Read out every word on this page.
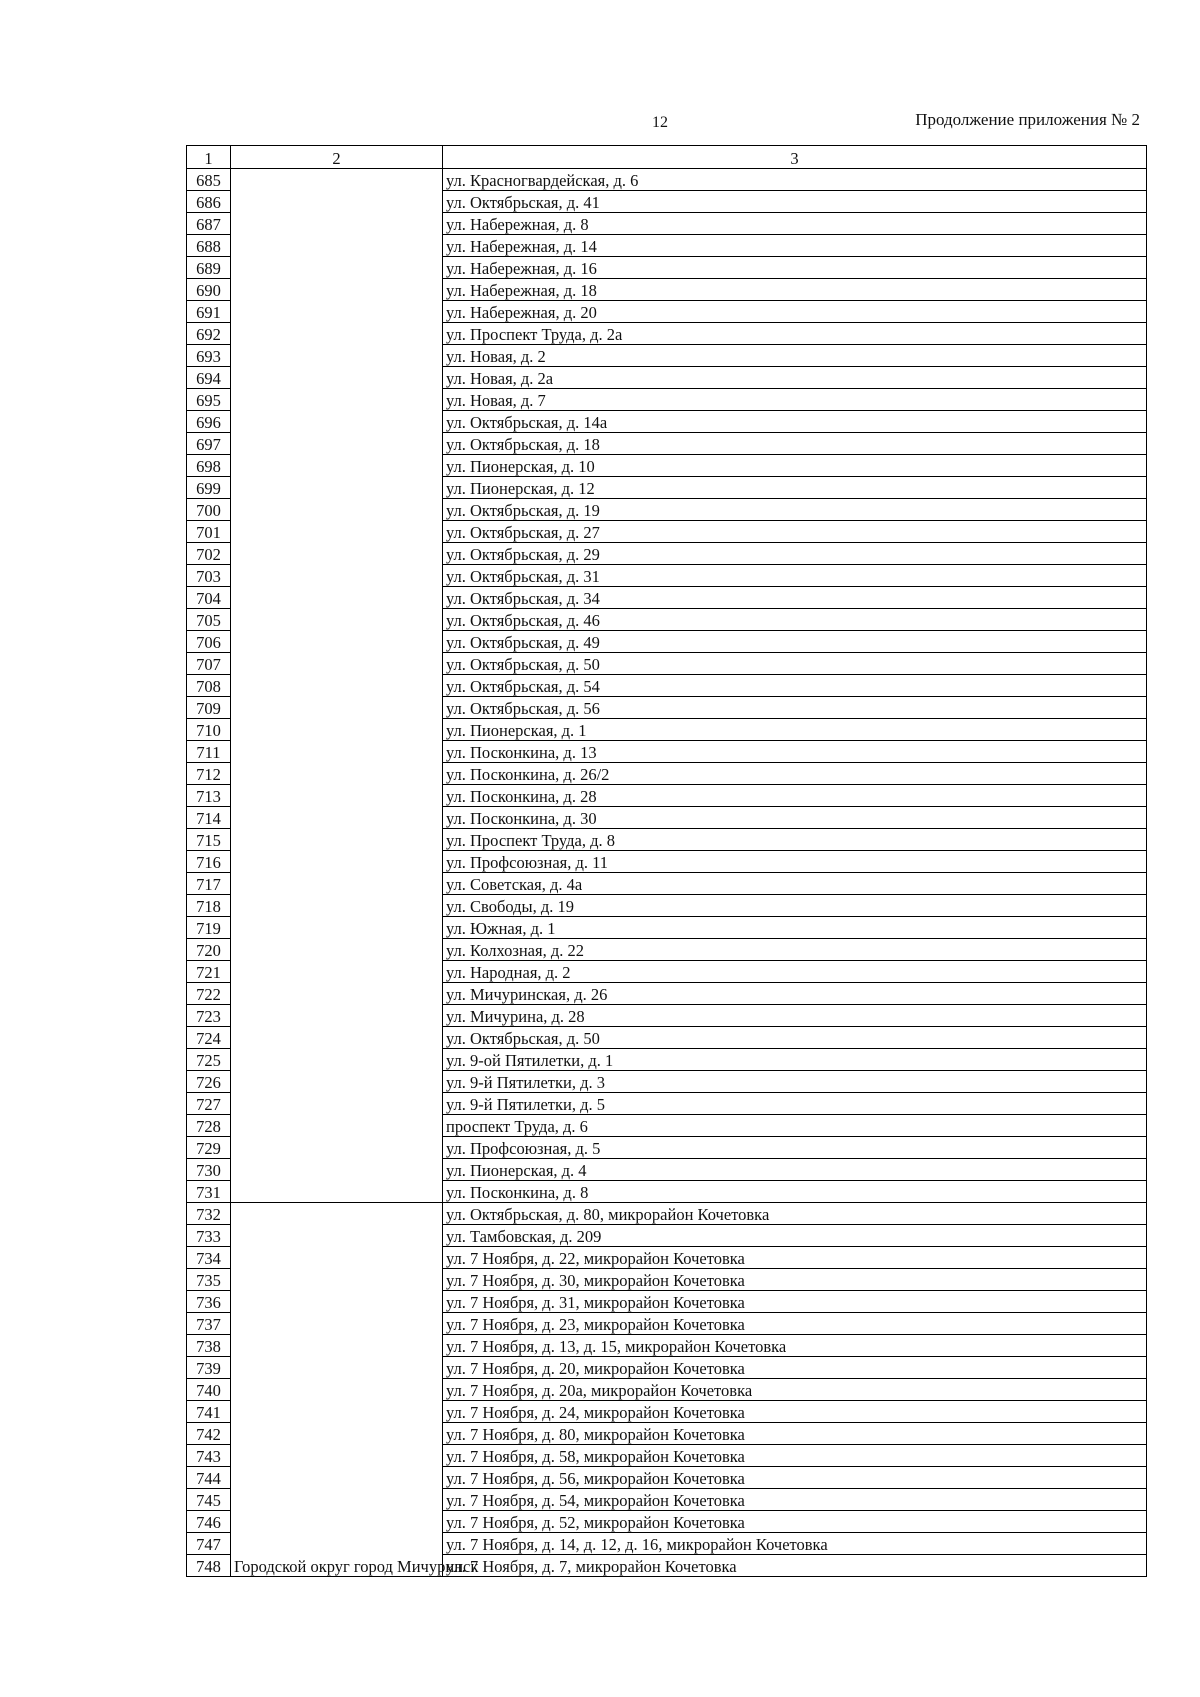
12	Продолжение приложения № 2
1	2	3
685		ул. Красногвардейская, д. 6
686		ул. Октябрьская, д. 41
687		ул. Набережная, д. 8
688		ул. Набережная, д. 14
689		ул. Набережная, д. 16
690		ул. Набережная, д. 18
691		ул. Набережная, д. 20
692		ул. Проспект Труда, д. 2а
693		ул. Новая, д. 2
694		ул. Новая, д. 2а
695		ул. Новая, д. 7
696		ул. Октябрьская, д. 14а
697		ул. Октябрьская, д. 18
698		ул. Пионерская, д. 10
699		ул. Пионерская, д. 12
700		ул. Октябрьская, д. 19
701		ул. Октябрьская, д. 27
702		ул. Октябрьская, д. 29
703		ул. Октябрьская, д. 31
704		ул. Октябрьская, д. 34
705		ул. Октябрьская, д. 46
706		ул. Октябрьская, д. 49
707		ул. Октябрьская, д. 50
708		ул. Октябрьская, д. 54
709		ул. Октябрьская, д. 56
710		ул. Пионерская, д. 1
711		ул. Посконкина, д. 13
712		ул. Посконкина, д. 26/2
713		ул. Посконкина, д. 28
714		ул. Посконкина, д. 30
715		ул. Проспект Труда, д. 8
716		ул. Профсоюзная, д. 11
717		ул. Советская, д. 4а
718		ул. Свободы, д. 19
719		ул. Южная, д. 1
720		ул. Колхозная, д. 22
721		ул. Народная, д. 2
722		ул. Мичуринская, д. 26
723		ул. Мичурина, д. 28
724		ул. Октябрьская, д. 50
725		ул. 9-ой Пятилетки, д. 1
726		ул. 9-й Пятилетки, д. 3
727		ул. 9-й Пятилетки, д. 5
728		проспект Труда, д. 6
729		ул. Профсоюзная, д. 5
730		ул. Пионерская, д. 4
731		ул. Посконкина, д. 8
732	Городской округ город Мичуринск	ул. Октябрьская, д. 80, микрорайон Кочетовка
733		ул. Тамбовская, д. 209
734		ул. 7 Ноября, д. 22, микрорайон Кочетовка
735		ул. 7 Ноября, д. 30, микрорайон Кочетовка
736		ул. 7 Ноября, д. 31, микрорайон Кочетовка
737		ул. 7 Ноября, д. 23, микрорайон Кочетовка
738		ул. 7 Ноября, д. 13, д. 15, микрорайон Кочетовка
739		ул. 7 Ноября, д. 20, микрорайон Кочетовка
740		ул. 7 Ноября, д. 20а, микрорайон Кочетовка
741		ул. 7 Ноября, д. 24, микрорайон Кочетовка
742		ул. 7 Ноября, д. 80, микрорайон Кочетовка
743		ул. 7 Ноября, д. 58, микрорайон Кочетовка
744		ул. 7 Ноября, д. 56, микрорайон Кочетовка
745		ул. 7 Ноября, д. 54, микрорайон Кочетовка
746		ул. 7 Ноября, д. 52, микрорайон Кочетовка
747		ул. 7 Ноября, д. 14, д. 12, д. 16, микрорайон Кочетовка
748		ул. 7 Ноября, д. 7, микрорайон Кочетовка
